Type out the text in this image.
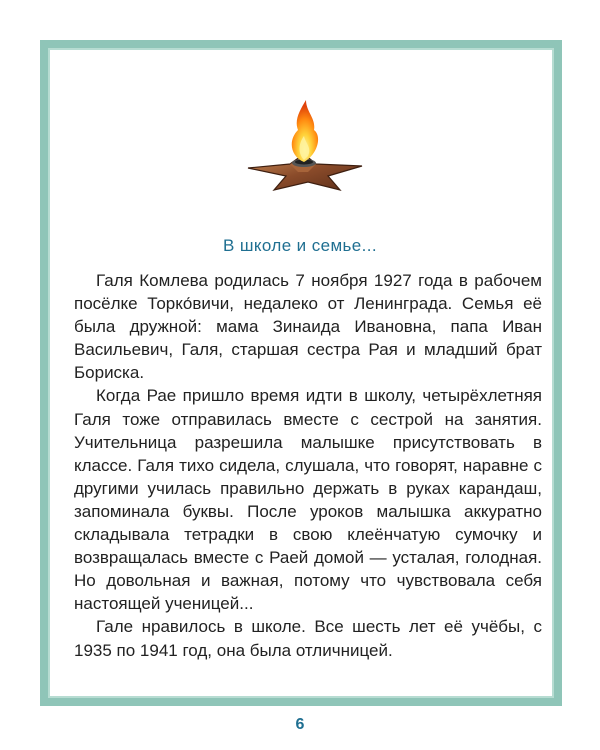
В школе и семье...

Галя Комлева родилась 7 ноября 1927 года в рабочем посёлке Торко́вичи, недалеко от Ленинграда. Семья её была дружной: мама Зинаида Ивановна, папа Иван Васильевич, Галя, старшая сестра Рая и младший брат Бориска.

Когда Рае пришло время идти в школу, четырёхлетняя Галя тоже отправилась вместе с сестрой на занятия. Учительница разрешила малышке присутствовать в классе. Галя тихо сидела, слушала, что говорят, наравне с другими училась правильно держать в руках карандаш, запоминала буквы. После уроков малышка аккуратно складывала тетрадки в свою клеёнчатую сумочку и возвращалась вместе с Раей домой — усталая, голодная. Но довольная и важная, потому что чувствовала себя настоящей ученицей...

Гале нравилось в школе. Все шесть лет её учёбы, с 1935 по 1941 год, она была отличницей.

6
